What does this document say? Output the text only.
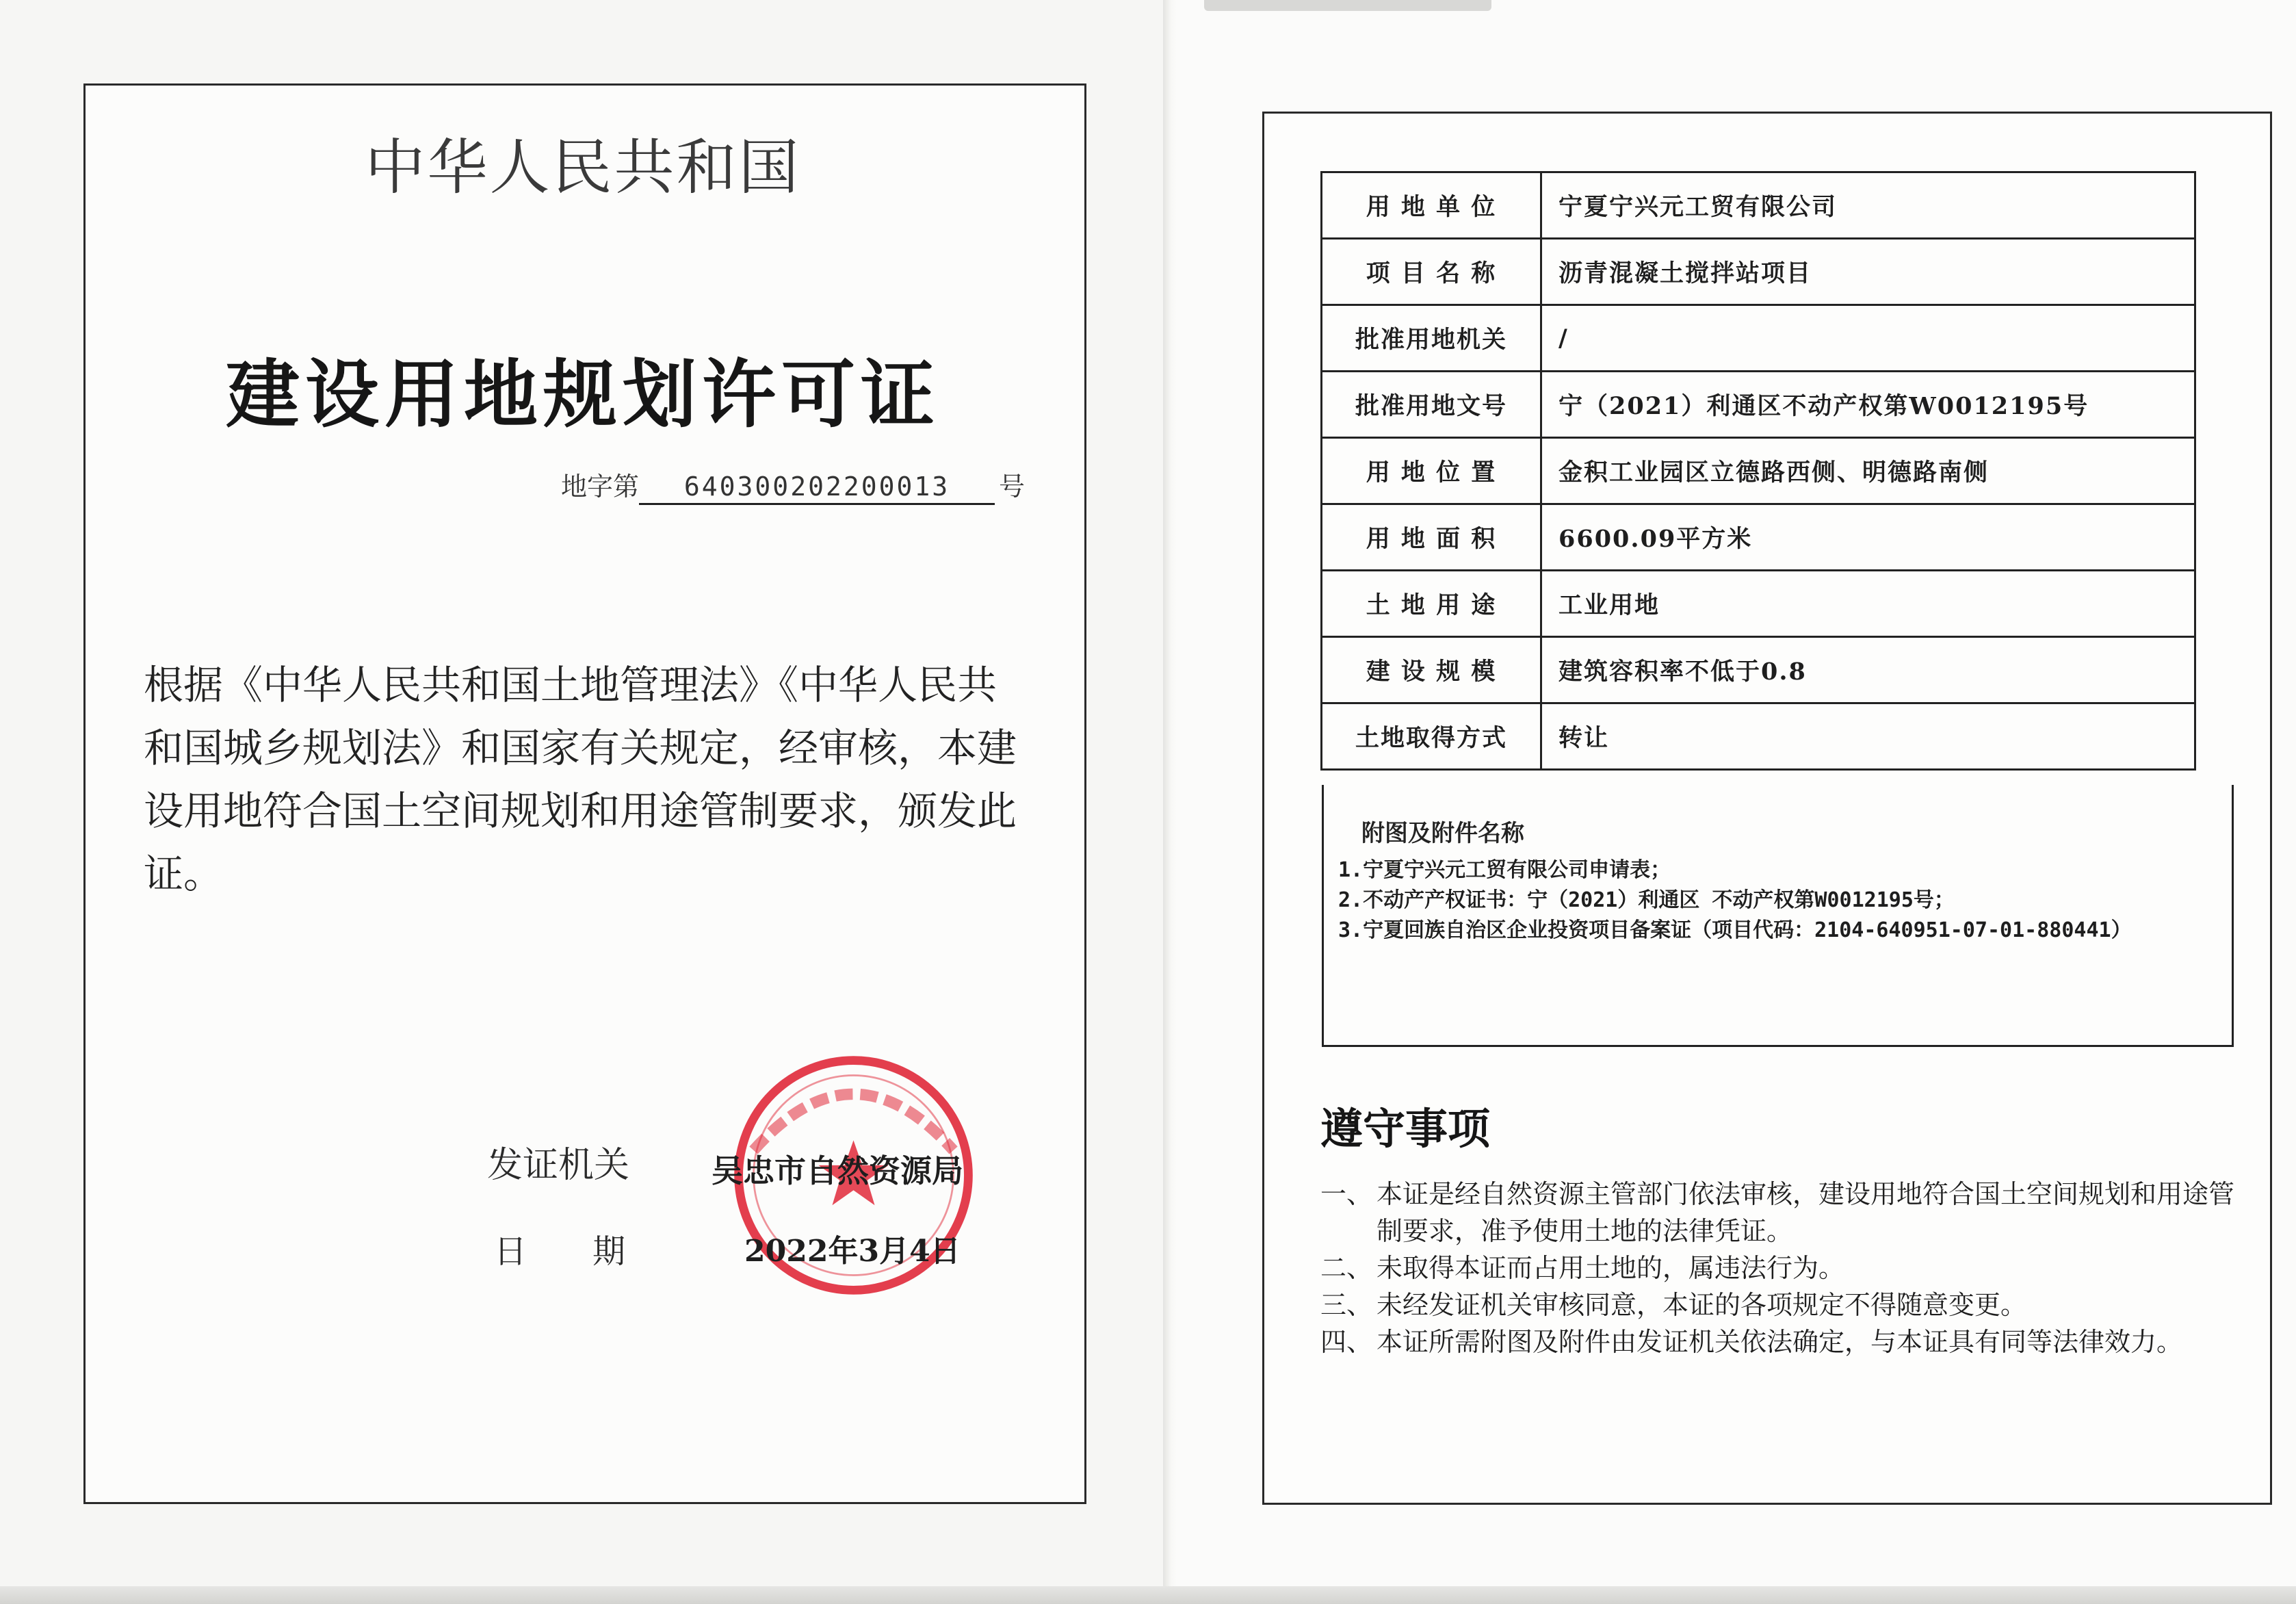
中华人民共和国
建设用地规划许可证
地字第 640300202200013 号
根据《中华人民共和国土地管理法》《中华人民共和国城乡规划法》和国家有关规定，经审核，本建设用地符合国土空间规划和用途管制要求，颁发此证。
发证机关	吴忠市自然资源局
日　　期	2022年3月4日
用 地 单 位	宁夏宁兴元工贸有限公司
项 目 名 称	沥青混凝土搅拌站项目
批准用地机关	/
批准用地文号	宁（2021）利通区不动产权第W0012195号
用 地 位 置	金积工业园区立德路西侧、明德路南侧
用 地 面 积	6600.09平方米
土 地 用 途	工业用地
建 设 规 模	建筑容积率不低于0.8
土地取得方式	转让
附图及附件名称
1.宁夏宁兴元工贸有限公司申请表；
2.不动产产权证书：宁（2021）利通区 不动产权第W0012195号；
3.宁夏回族自治区企业投资项目备案证（项目代码：2104-640951-07-01-880441）
遵守事项
一、 本证是经自然资源主管部门依法审核，建设用地符合国土空间规划和用途管制要求，准予使用土地的法律凭证。
二、 未取得本证而占用土地的，属违法行为。
三、 未经发证机关审核同意，本证的各项规定不得随意变更。
四、 本证所需附图及附件由发证机关依法确定，与本证具有同等法律效力。
